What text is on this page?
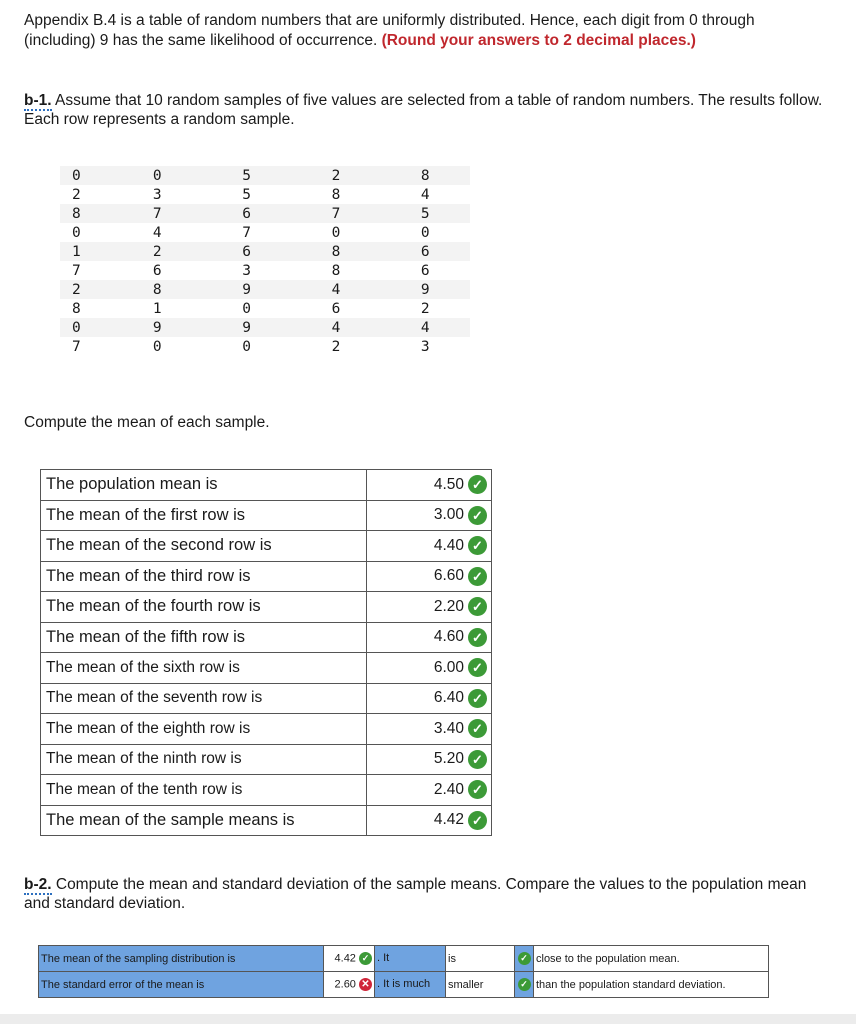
Appendix B.4 is a table of random numbers that are uniformly distributed. Hence, each digit from 0 through (including) 9 has the same likelihood of occurrence. (Round your answers to 2 decimal places.)
b-1. Assume that 10 random samples of five values are selected from a table of random numbers. The results follow. Each row represents a random sample.
0	0	5	2	8
2	3	5	8	4
8	7	6	7	5
0	4	7	0	0
1	2	6	8	6
7	6	3	8	6
2	8	9	4	9
8	1	0	6	2
0	9	9	4	4
7	0	0	2	3
Compute the mean of each sample.
The population mean is	4.50 ✓
The mean of the first row is	3.00 ✓
The mean of the second row is	4.40 ✓
The mean of the third row is	6.60 ✓
The mean of the fourth row is	2.20 ✓
The mean of the fifth row is	4.60 ✓
The mean of the sixth row is	6.00 ✓
The mean of the seventh row is	6.40 ✓
The mean of the eighth row is	3.40 ✓
The mean of the ninth row is	5.20 ✓
The mean of the tenth row is	2.40 ✓
The mean of the sample means is	4.42 ✓
b-2. Compute the mean and standard deviation of the sample means. Compare the values to the population mean and standard deviation.
The mean of the sampling distribution is	4.42 ✓	. It	is	✓	close to the population mean.
The standard error of the mean is	2.60 ✕	. It is much	smaller	✓	than the population standard deviation.
